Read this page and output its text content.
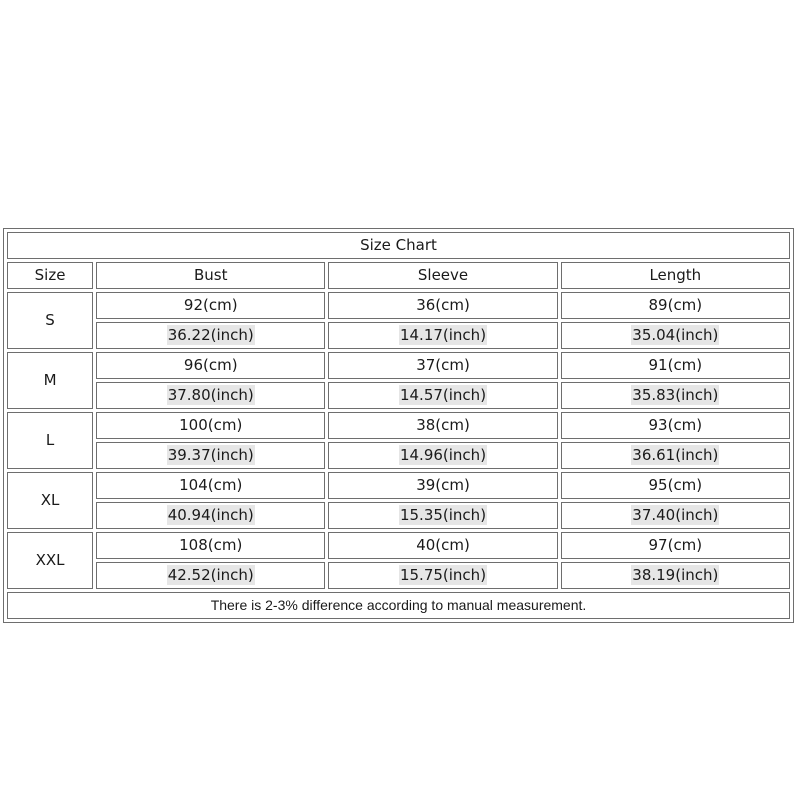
Size Chart			
Size	Bust	Sleeve	Length
S	92(cm)	36(cm)	89(cm)
	36.22(inch)	14.17(inch)	35.04(inch)
M	96(cm)	37(cm)	91(cm)
	37.80(inch)	14.57(inch)	35.83(inch)
L	100(cm)	38(cm)	93(cm)
	39.37(inch)	14.96(inch)	36.61(inch)
XL	104(cm)	39(cm)	95(cm)
	40.94(inch)	15.35(inch)	37.40(inch)
XXL	108(cm)	40(cm)	97(cm)
	42.52(inch)	15.75(inch)	38.19(inch)
There is 2-3% difference according to manual measurement.			
